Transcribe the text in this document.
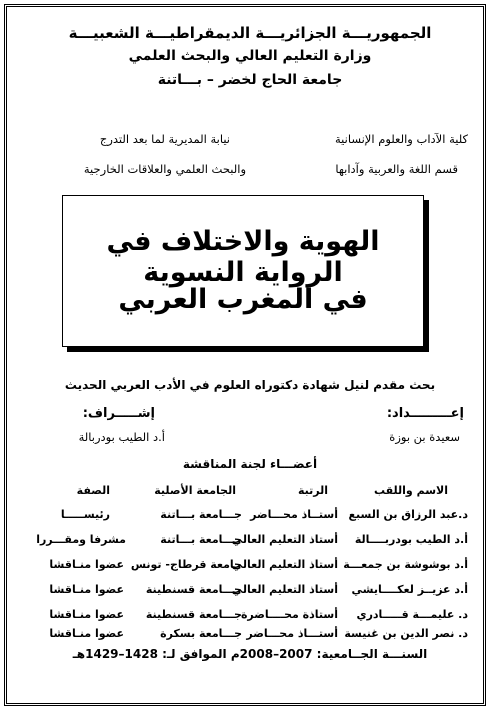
الجمهوريـــة الجزائريـــة الديمقراطيـــة الشعبيـــة
وزارة التعليم العالي والبحث العلمي
جامعة الحاج لخضر – بـــاتنة
كلية الآداب والعلوم الإنسانية
قسم اللغة والعربية وآدابها
نيابة المديرية لما بعد التدرج
والبحث العلمي والعلاقات الخارجية
الهوية والاختلاف في الرواية النسوية
في المغرب العربي
بحث مقدم لنيل شهادة دكتوراه العلوم في الأدب العربي الحديث
إعـــــــــداد:
سعيدة بن بوزة
إشـــــراف:
أ.د الطيب بودربالة
أعضـــاء لجنة المناقشة
الاسم واللقب
الرتبة
الجامعة الأصلية
الصفة
د.عبد الرزاق بن السبع
أستــاذ محـــاضر
جـــامعة بـــاتنة
رئيســـــا
أ.د الطيب بودربــــالة
أستاذ التعليم العالي
جـــامعة بـــاتنة
مشرفا ومقـــررا
أ.د بوشوشة بن جمعـــة
أستاذ التعليم العالي
جامعة قرطاج- تونس
عضوا منـاقشا
أ.د عزيــز لعكــــايشي
أستاذ التعليم العالي
جـــامعة قسنطينة
عضوا منـاقشا
د. عليمـــة قـــــادري
أستاذة محــــاضرة
جـــامعة قسنطينة
عضوا منـاقشا
د. نصر الدين بن غنيسة
أستـــاذ محـــاضر
جـــامعة بسكرة
عضوا منـاقشا
السنـــة الجــامعية: 2007–2008م الموافق لـ: 1428–1429هـ
